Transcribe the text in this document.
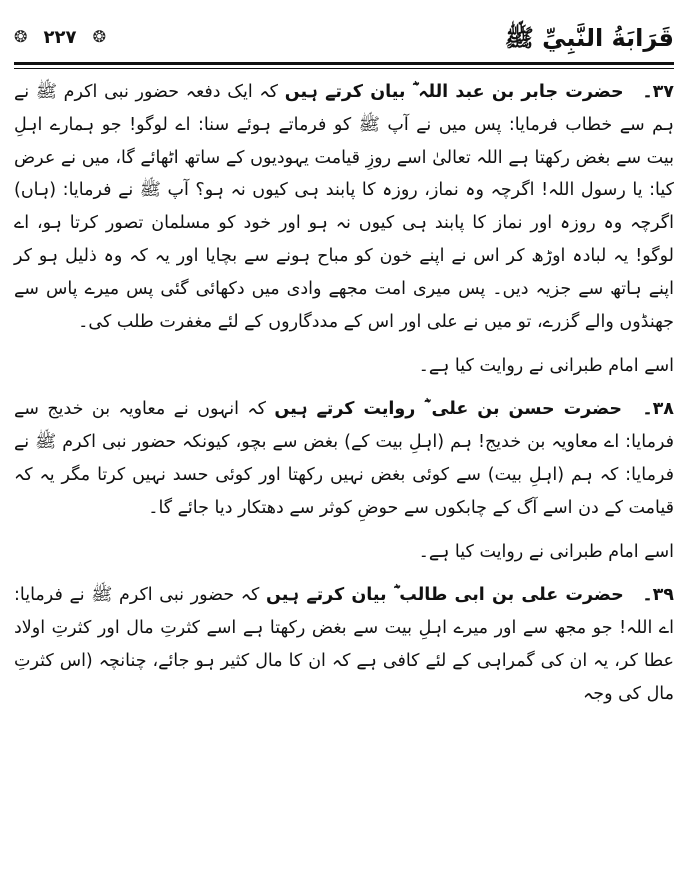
قَرَابَةُ النَّبِيِّ ﷺ
❂ ۲۲۷ ❂

۳۷۔ حضرت جابر بن عبد اللہ ؓ بیان کرتے ہیں کہ ایک دفعہ حضور نبی اکرم ﷺ نے ہم سے خطاب فرمایا: پس میں نے آپ ﷺ کو فرماتے ہوئے سنا: اے لوگو! جو ہمارے اہلِ بیت سے بغض رکھتا ہے اللہ تعالیٰ اسے روزِ قیامت یہودیوں کے ساتھ اٹھائے گا، میں نے عرض کیا: یا رسول اللہ! اگرچہ وہ نماز، روزہ کا پابند ہی کیوں نہ ہو؟ آپ ﷺ نے فرمایا: (ہاں) اگرچہ وہ روزہ اور نماز کا پابند ہی کیوں نہ ہو اور خود کو مسلمان تصور کرتا ہو، اے لوگو! یہ لبادہ اوڑھ کر اس نے اپنے خون کو مباح ہونے سے بچایا اور یہ کہ وہ ذلیل ہو کر اپنے ہاتھ سے جزیہ دیں۔ پس میری امت مجھے وادی میں دکھائی گئی پس میرے پاس سے جھنڈوں والے گزرے، تو میں نے علی اور اس کے مددگاروں کے لئے مغفرت طلب کی۔

اسے امام طبرانی نے روایت کیا ہے۔

۳۸۔ حضرت حسن بن علی ؓ روایت کرتے ہیں کہ انہوں نے معاویہ بن خدیج سے فرمایا: اے معاویہ بن خدیج! ہم (اہلِ بیت کے) بغض سے بچو، کیونکہ حضور نبی اکرم ﷺ نے فرمایا: کہ ہم (اہلِ بیت) سے کوئی بغض نہیں رکھتا اور کوئی حسد نہیں کرتا مگر یہ کہ قیامت کے دن اسے آگ کے چابکوں سے حوضِ کوثر سے دھتکار دیا جائے گا۔

اسے امام طبرانی نے روایت کیا ہے۔

۳۹۔ حضرت علی بن ابی طالب ؓ بیان کرتے ہیں کہ حضور نبی اکرم ﷺ نے فرمایا: اے اللہ! جو مجھ سے اور میرے اہلِ بیت سے بغض رکھتا ہے اسے کثرتِ مال اور کثرتِ اولاد عطا کر، یہ ان کی گمراہی کے لئے کافی ہے کہ ان کا مال کثیر ہو جائے، چنانچہ (اس کثرتِ مال کی وجہ
